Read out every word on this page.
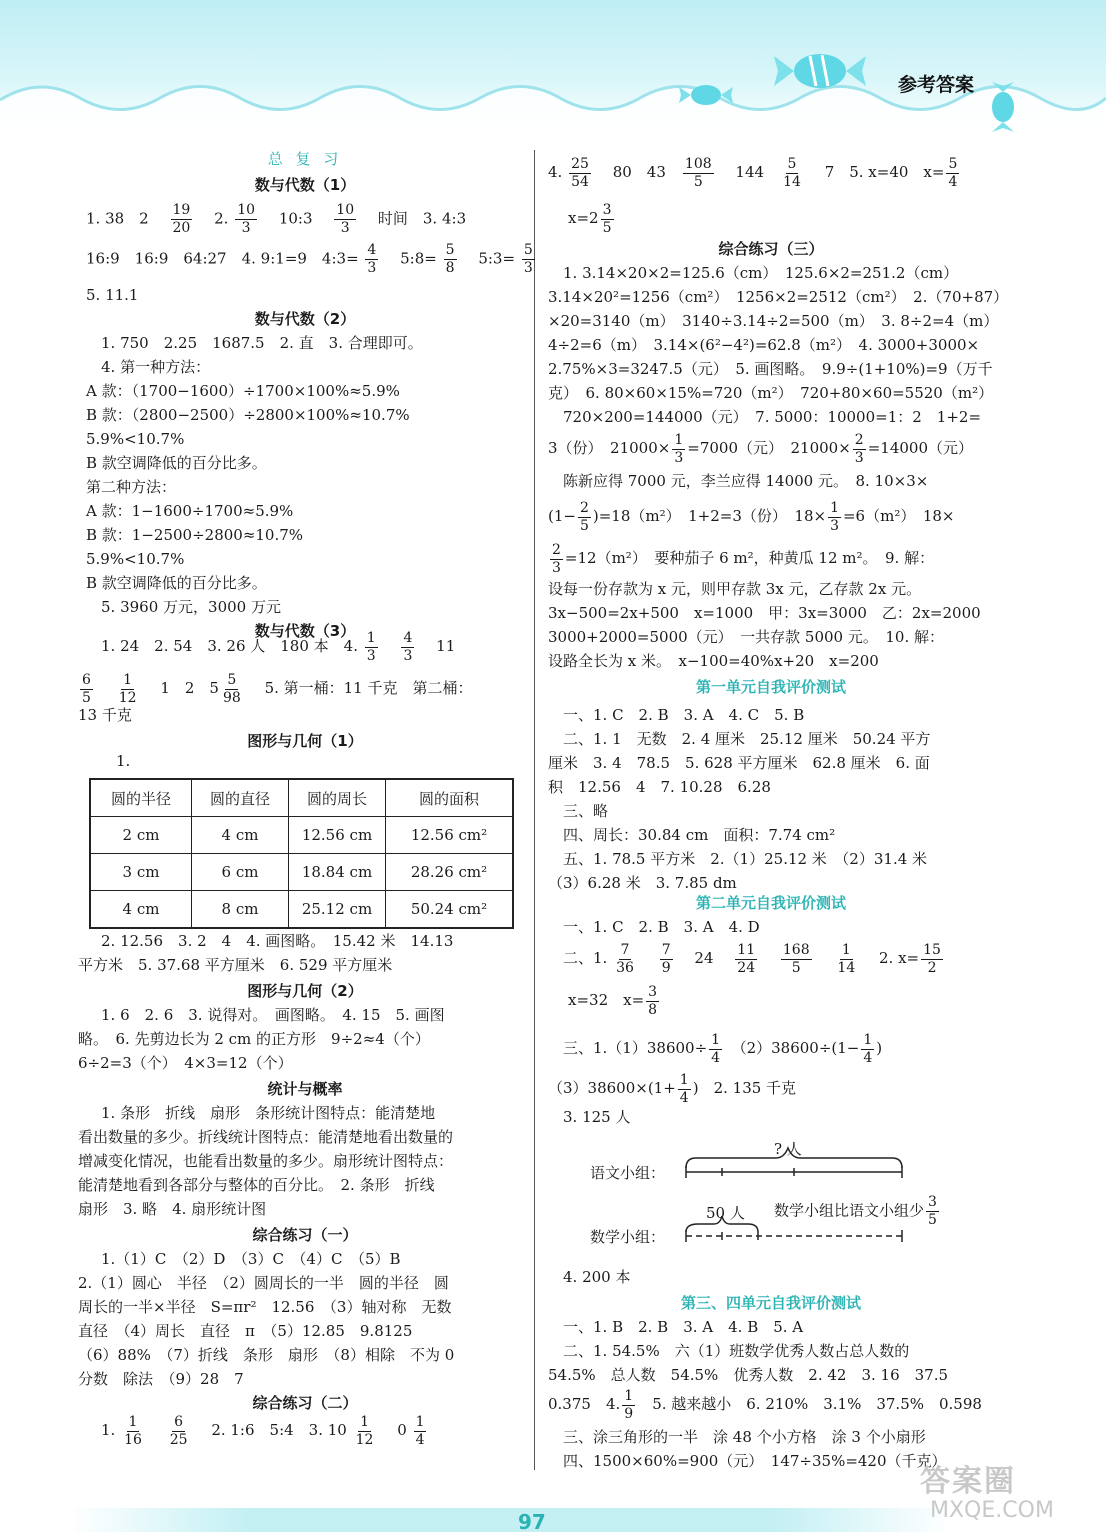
参考答案
总 复 习
数与代数（1）
1. 38　2　 $\frac{19}{20}$ 　2. $\frac{10}{3}$ 　10:3　 $\frac{10}{3}$ 　时间　3. 4:3
16:9　16:9　64:27　4. 9:1=9　4:3= $\frac{4}{3}$ 　5:8= $\frac{5}{8}$ 　5:3= $\frac{5}{3}$
5. 11.1
数与代数（2）
　1. 750　2.25　1687.5　2. 直　3. 合理即可。
　4. 第一种方法：
A 款：（1700−1600）÷1700×100%≈5.9%
B 款：（2800−2500）÷2800×100%≈10.7%
5.9%<10.7%
B 款空调降低的百分比多。
第二种方法：
A 款：1−1600÷1700≈5.9%
B 款：1−2500÷2800≈10.7%
5.9%<10.7%
B 款空调降低的百分比多。
　5. 3960 万元，3000 万元
数与代数（3）
　1. 24　2. 54　3. 26 人　180 本　4. $\frac{1}{3}$
　 $\frac{4}{3}$
　 11
$\frac{6}{5}$
　 $\frac{1}{12}$ 　1　2　$5 \frac{5}{98}$ 　5. 第一桶：11 千克　第二桶：
13 千克
图形与几何（1）
1.
圆的半径	圆的直径	圆的周长	圆的面积
2 cm	4 cm	12.56 cm	12.56 cm²
3 cm	6 cm	18.84 cm	28.26 cm²
4 cm	8 cm	25.12 cm	50.24 cm²
　2. 12.56　3. 2　4　4. 画图略。　15.42 米　14.13
平方米　5. 37.68 平方厘米　6. 529 平方厘米
图形与几何（2）
　1. 6　2. 6　3. 说得对。　画图略。　4. 15　5. 画图
略。　6. 先剪边长为 2 cm 的正方形　9÷2≈4（个）
6÷2=3（个）　4×3=12（个）
统计与概率
　1. 条形　折线　扇形　条形统计图特点：能清楚地
看出数量的多少。折线统计图特点：能清楚地看出数量的
增减变化情况，也能看出数量的多少。扇形统计图特点：
能清楚地看到各部分与整体的百分比。　2. 条形　折线
扇形　3. 略　4. 扇形统计图
综合练习（一）
　1.（1）C　（2）D　（3）C　（4）C　（5）B
2.（1）圆心　半径　（2）圆周长的一半　圆的半径　圆
周长的一半×半径　S=πr²　12.56　（3）轴对称　无数
直径　（4）周长　直径　π　（5）12.85　9.8125
（6）88%　（7）折线　条形　扇形　（8）相除　不为 0
分数　除法　（9）28　7
综合练习（二）
　1. $\frac{1}{16}$
　 $\frac{6}{25}$ 　2. 1:6　5:4　3. $10 \frac{1}{12}$ 　$0 \frac{1}{4}$
4. $\frac{25}{54}$ 　80　43　 $\frac{108}{5}$ 　144　 $\frac{5}{14}$ 　7　5. x=40　$x= \frac{5}{4}$
$x=2 \frac{3}{5}$
综合练习（三）
　1. 3.14×20×2=125.6（cm）　125.6×2=251.2（cm）
3.14×20²=1256（cm²）　1256×2=2512（cm²）　2.（70+87）
×20=3140（m）　3140÷3.14÷2=500（m）　3. 8÷2=4（m）
4÷2=6（m）　3.14×(6²−4²)=62.8（m²）　4. 3000+3000×
2.75%×3=3247.5（元）　5. 画图略。　9.9÷(1+10%)=9（万千
克）　6. 80×60×15%=720（m²）　720+80×60=5520（m²）
　720×200=144000（元）　7. 5000：10000=1：2　1+2=
3（份）　$21000\times \frac{1}{3} =7000$（元）　$21000\times \frac{2}{3} =14000$（元）
　陈新应得 7000 元，李兰应得 14000 元。　8. 10×3×
$(1- \frac{2}{5} )=18(m^2)$　1+2=3（份）　$18\times \frac{1}{3} =6(m^2)$　18×
$\frac{2}{3} =12(m^2)$　要种茄子 6 m²，种黄瓜 12 m²。　9. 解：
设每一份存款为 x 元，则甲存款 3x 元，乙存款 2x 元。
3x−500=2x+500　x=1000　甲：3x=3000　乙：2x=2000
3000+2000=5000（元）　一共存款 5000 元。　10. 解：
设路全长为 x 米。　x−100=40%x+20　x=200
第一单元自我评价测试
　一、1. C　2. B　3. A　4. C　5. B
　二、1. 1　无数　2. 4 厘米　25.12 厘米　50.24 平方
厘米　3. 4　78.5　5. 628 平方厘米　62.8 厘米　6. 面
积　12.56　4　7. 10.28　6.28
　三、略
　四、周长：30.84 cm　面积：7.74 cm²
　五、1. 78.5 平方米　2.（1）25.12 米　（2）31.4 米
（3）6.28 米　3. 7.85 dm
第二单元自我评价测试
　一、1. C　2. B　3. A　4. D
　二、1. $\frac{7}{36}$
　 $\frac{7}{9}$ 　24 　 $\frac{11}{24}$
　 $\frac{168}{5}$
　 $\frac{1}{14}$ 　2. $x= \frac{15}{2}$
x=32　$x= \frac{3}{8}$
　三、$1.(1)38600\div \frac{1}{4}$ 　$(2)38600\div(1- \frac{1}{4}$ )
$(3)38600\times(1+ \frac{1}{4}$ )　2. 135 千克
　3. 125 人
? 人
语文小组：
50 人 数学小组比语文小组少 $\frac{3}{5}$
数学小组：
　4. 200 本
第三、四单元自我评价测试
　一、1. B　2. B　3. A　4. B　5. A
　二、1. 54.5%　六（1）班数学优秀人数占总人数的
54.5%　总人数　54.5%　优秀人数　2. 42　3. 16　37.5
0.375　4. $\frac{1}{9}$ 　5. 越来越小　6. 210%　3.1%　37.5%　0.598
　三、涂三角形的一半　涂 48 个小方格　涂 3 个小扇形
　四、1500×60%=900（元）　147÷35%=420（千克）
97
答案圈
MXQE.COM
